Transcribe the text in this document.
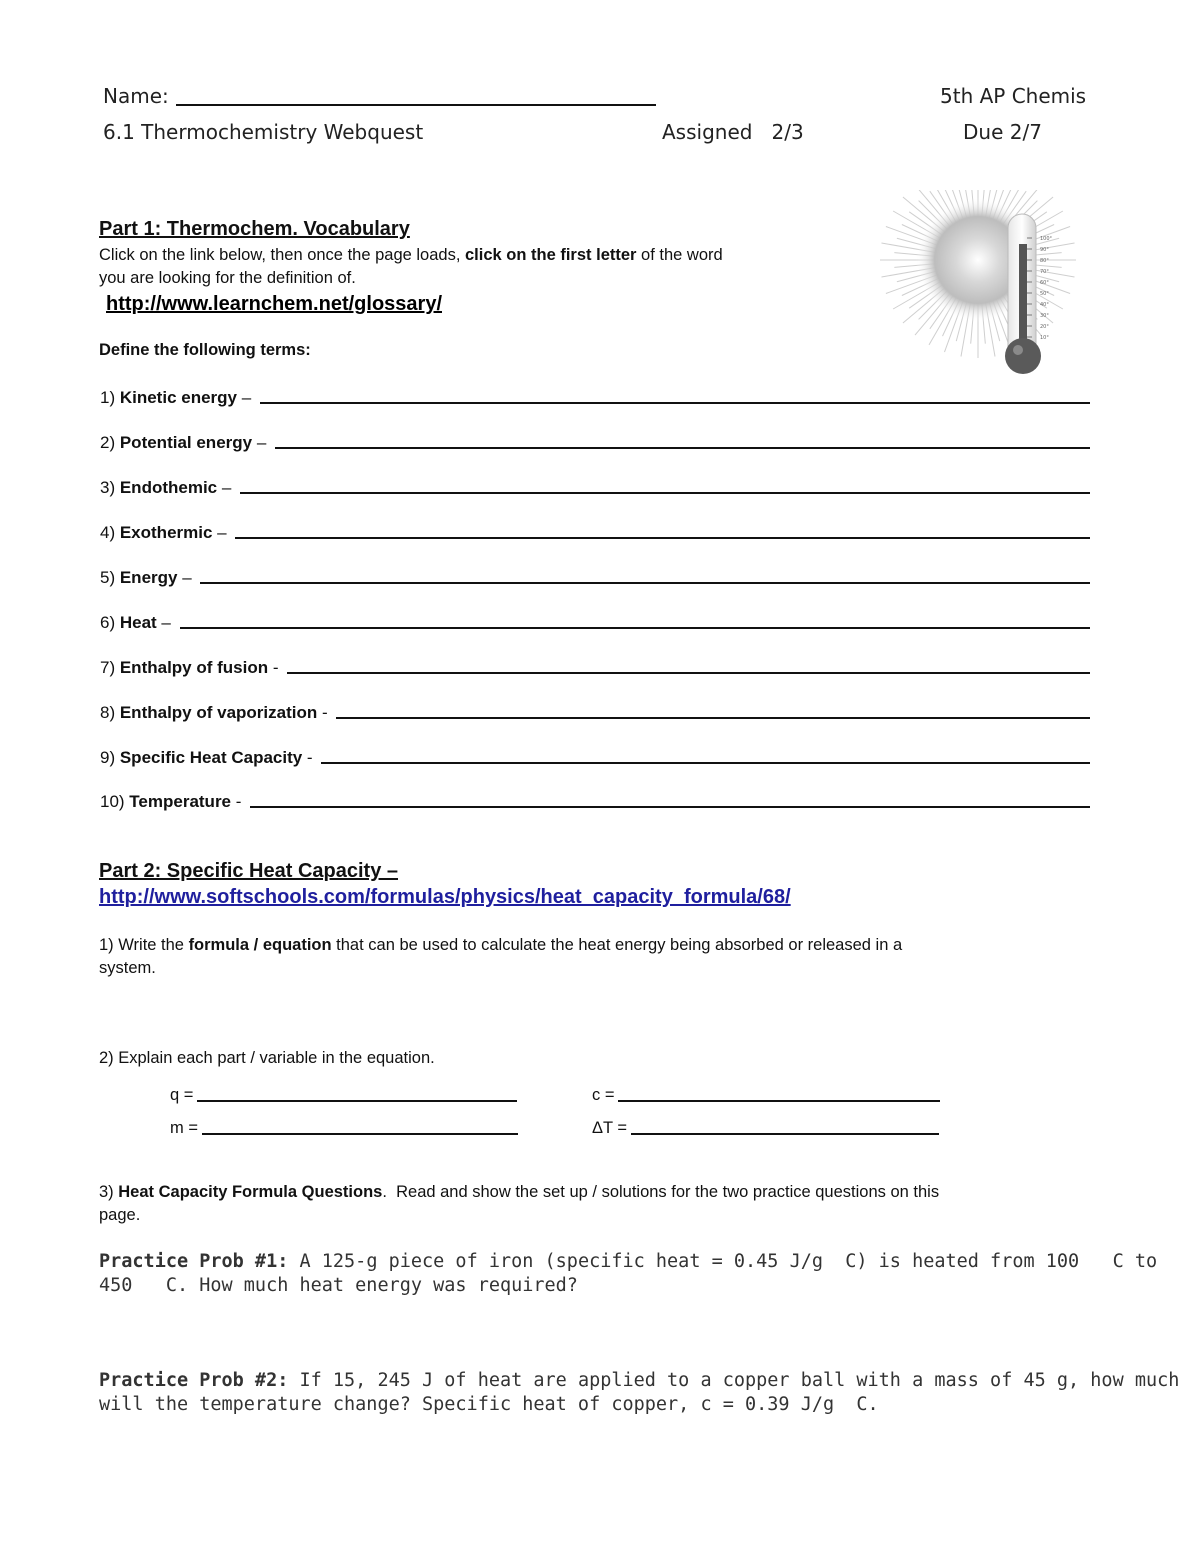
Name:	5th AP Chemis
6.1 Thermochemistry Webquest	Assigned   2/3	Due 2/7
100°
90°
80°
70°
60°
50°
40°
30°
20°
10°
Part 1: Thermochem. Vocabulary
Click on the link below, then once the page loads, click on the first letter of the word
you are looking for the definition of.
http://www.learnchem.net/glossary/
Define the following terms:
1) Kinetic energy –
2) Potential energy –
3) Endothemic –
4) Exothermic –
5) Energy –
6) Heat –
7) Enthalpy of fusion -
8) Enthalpy of vaporization -
9) Specific Heat Capacity -
10) Temperature -
Part 2: Specific Heat Capacity –
http://www.softschools.com/formulas/physics/heat_capacity_formula/68/
1) Write the formula / equation that can be used to calculate the heat energy being absorbed or released in a
system.
2) Explain each part / variable in the equation.
q =	c =
m =	ΔT =
3) Heat Capacity Formula Questions.  Read and show the set up / solutions for the two practice questions on this
page.
Practice Prob #1: A 125-g piece of iron (specific heat = 0.45 J/g  C) is heated from 100   C to
450   C. How much heat energy was required?
Practice Prob #2: If 15, 245 J of heat are applied to a copper ball with a mass of 45 g, how much
will the temperature change? Specific heat of copper, c = 0.39 J/g  C.
